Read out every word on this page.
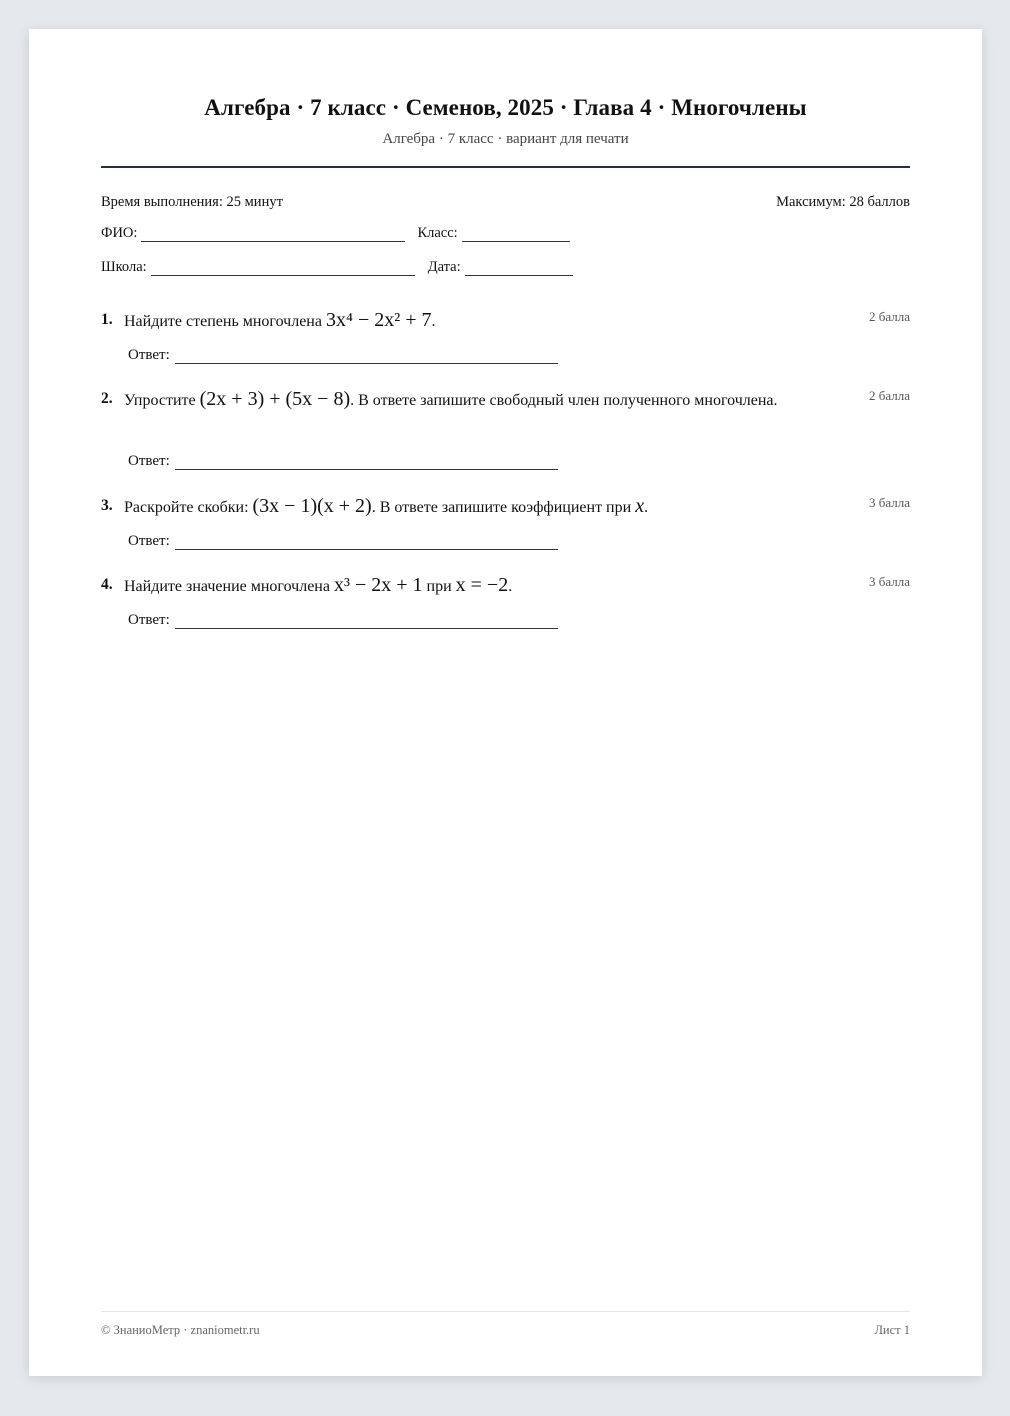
Алгебра · 7 класс · Семенов, 2025 · Глава 4 · Многочлены
Алгебра · 7 класс · вариант для печати
Время выполнения: 25 минут	Максимум: 28 баллов
ФИО:	Класс:
Школа:	Дата:
1. Найдите степень многочлена 3x⁴ − 2x² + 7.	2 балла
Ответ:
2. Упростите (2x + 3) + (5x − 8). В ответе запишите свободный член полученного многочлена.	2 балла
Ответ:
3. Раскройте скобки: (3x − 1)(x + 2). В ответе запишите коэффициент при x.	3 балла
Ответ:
4. Найдите значение многочлена x³ − 2x + 1 при x = −2.	3 балла
Ответ:
© ЗнаниоМетр · znaniometr.ru	Лист 1
